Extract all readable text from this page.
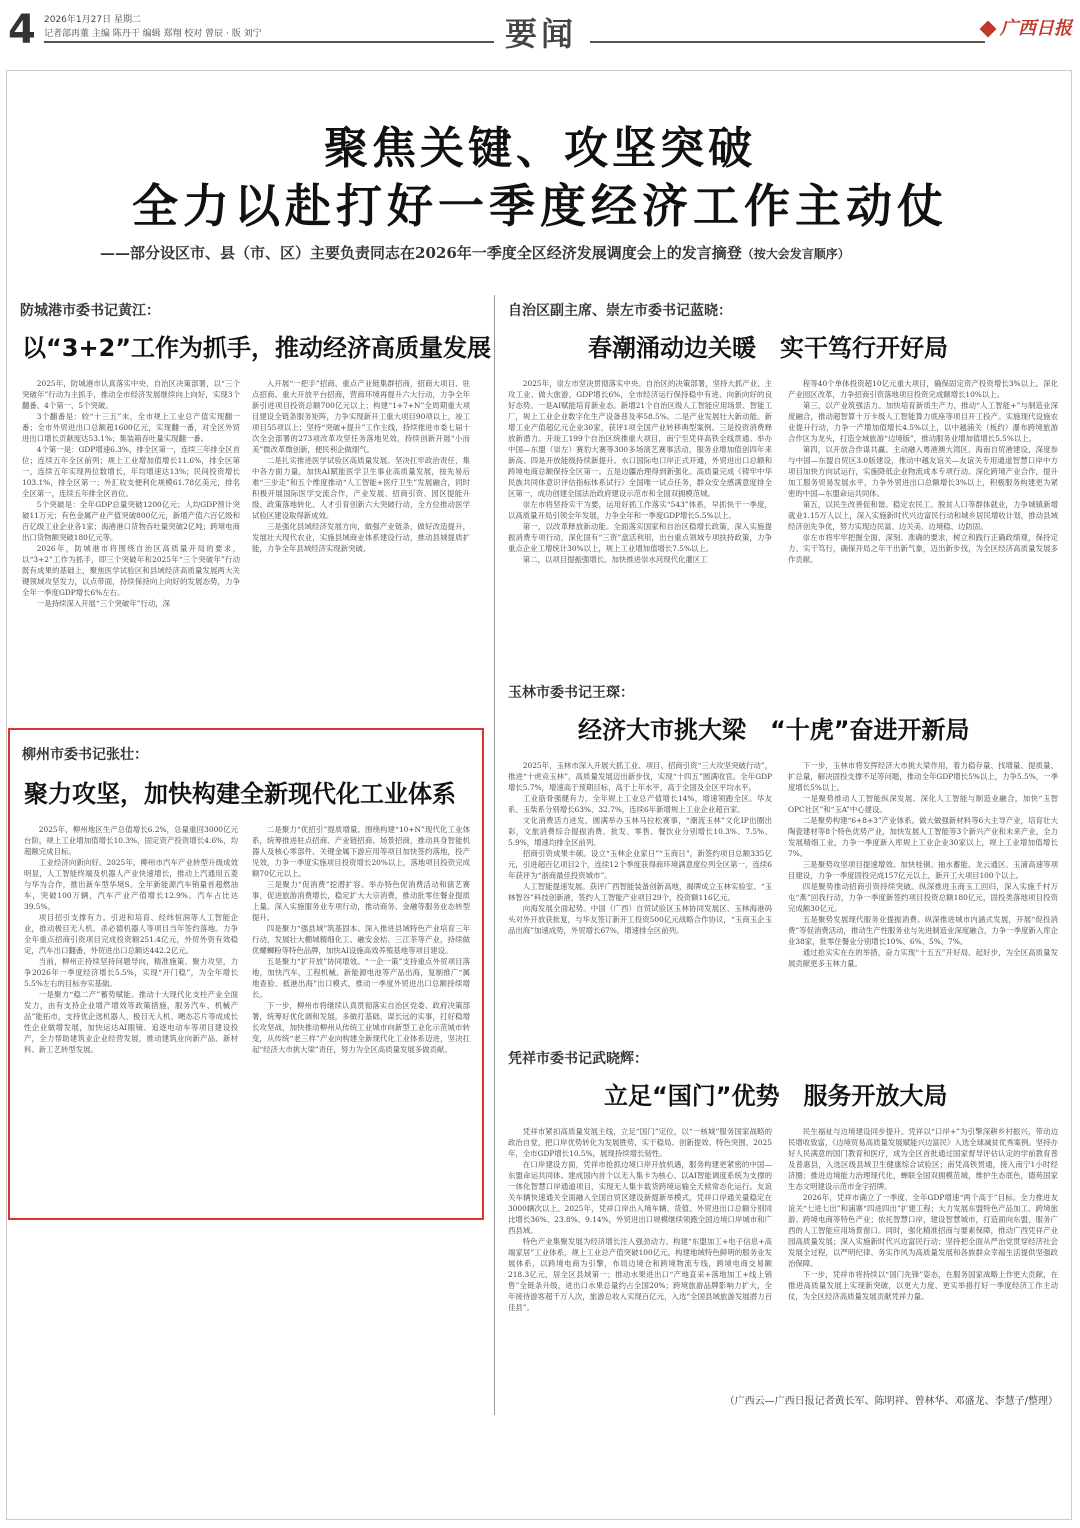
4 2026年1月27日 星期二
记者部再董 主编 陈丹干 编辑 郑翔 校对 曾辰 · 版 刘宁	要闻	广西日报
聚焦关键、攻坚突破
全力以赴打好一季度经济工作主动仗
——部分设区市、县（市、区）主要负责同志在2026年一季度全区经济发展调度会上的发言摘登（按大会发言顺序）
防城港市委书记黄江：
以“3+2”工作为抓手，推动经济高质量发展

2025年，防城港市认真落实中央、自治区决策部署，以“三个突破年”行动为主抓手，推动全市经济发展继续向上向好，实现3个翻番、4个第一、5个突破。

3个翻番是：较“十三五”末，全市规上工业总产值实现翻一番；全市外贸进出口总额超1600亿元，实现翻一番，对全区外贸进出口增长贡献度达53.1%；集装箱吞吐量实现翻一番。

4个第一是：GDP增速6.3%，排全区第一，连续三年排全区首位；连续五年全区前列；规上工业增加值增长11.6%，排全区第一，连续五年实现两位数增长，年均增速达13%；民间投资增长103.1%，排全区第一；外汇收支便利化规模61.78亿美元，排名全区第一，连续五年排全区首位。

5个突破是：全年GDP总量突破1200亿元；人均GDP预计突破11万元；有色金属产业产值突破800亿元，新增产值六百亿级和百亿级工业企业各1家；海港港口货物吞吐量突破2亿吨；跨境电商出口货物额突破180亿元等。

2026年，防城港市将围绕自治区高质量开局的要求，以“3+2”工作为抓手，即三个突破年和2025年“三个突破年”行动既有成果的基础上，聚焦医学试验区和县域经济高质量发展两大关键领域攻坚发力，以点带面，持续保持向上向好的发展态势，力争全年一季度GDP增长6%左右。

一是持续深入开展“三个突破年”行动，深

入开展“一把手”招商、重点产业链集群招商，招商大项目、驻点招商、重大开放平台招商，营商环境再提升六大行动，力争全年新引进项目投资总额700亿元以上；构建“1+7+N”全周期重大项目建设全链条服务矩阵，力争实现新开工重大项目90项以上，竣工项目55项以上；坚持“突破+提升”工作主线，持续推进市委七届十次全会部署的273项改革攻坚任务落地见效，持续创新开展“小而美”微改革微创新，便民利企做细气。

二是扎实推进医学试验区高质量发展。坚决扛牢政治责任，集中各方面力量，加快AI赋能医学卫生事业高质量发展，按先易后难“三步走”和五个维度推动“人工智能+医疗卫生”发展融合，同时积极开展国际医学交流合作，产业发展、招商引资、园区提能升级、政策落地转化、人才引育创新六大突破行动，全方位推动医学试验区建设取得新成效。

三是强化县域经济发展方向，做强产业链条，做好改造提升，发展壮大现代农业，实施县域商业体系建设行动，推动县城提质扩能，力争全年县域经济实现新突破。

柳州市委书记张壮：
聚力攻坚，加快构建全新现代化工业体系

2025年，柳州地区生产总值增长6.2%，总量重回3000亿元台阶，规上工业增加值增长10.3%，固定资产投资增长4.6%，均超额完成目标。

工业经济向新向好。2025年，柳州市汽车产业转型升级成效明显，人工智能终端及机器人产业快速增长，推动上汽通用五菱与华为合作，推出新车型华境S。全年新能源汽车销量首超燃油车，突破100万辆，汽车产业产值增长12.9%。汽车占比达39.5%。

项目招引支撑有力。引进和培育、经纬恒润等人工智能企业，推动极目无人机、杀必德机器人等项目当年签约落地。力争全年重点招商引资项目完成投资额251.4亿元，外贸外资有效稳定，汽车出口翻番，外贸进出口总额达442.2亿元。

当前，柳州正持续坚持问题导向，精准施策、聚力攻坚，力争2026年一季度经济增长5.5%，实现“开门稳”，为全年增长5.5%左右的目标夯实基础。

一是聚力“稳二产”蓄势赋能。推动十大现代化支柱产业全面发力，由有支持企业增产增效等政策措施，服务汽车、机械产品”能拓市，支持优企选机器人、极目无人机、飓态芯片等成成长性企业做增发展，加快运达AI眼镜、追逐电动车等项目建设投产，全力帮助建筑业企业经营发展，推动建筑业向新产品、新材料、新工艺转型发展。

二是聚力“优招引”提质增量。围绕构建“10+N”现代化工业体系，统筹推进驻点招商、产业链招商、场景招商，推动具身智能机器人及核心零部件、关键金属下游应用等项目加快签约落地，投产见效，力争一季度实施项目投资增长20%以上，落地项目投资完成额70亿元以上。

三是聚力“促消费”挖潜扩容。举办特色促消费活动和演艺赛事，促进旅游消费增长，稳定扩大大宗消费，推动批零住餐业提质上量。深入实施服务业专项行动，推动商务、金融等服务业态转型提升。

四是聚力“强县域”筑基固本。深入推进县域特色产业培育三年行动，发展壮大棚城精细化工、融安金桔、三江茶等产业，持续做优螺蛳粉等特色品牌，加快AI设施高效养殖基地等项目建设。

五是聚力“扩开放”协同增效。“一企一策”支持重点外贸项目落地，加快汽车、工程机械、新能源电池等产品出海，复制推广“属地查验、抵港出海”出口模式，推动一季度外贸进出口总额持续增长。

下一步，柳州市将继续认真贯彻落实自治区党委、政府决策部署，统筹好优化调和发展，多做打基础、谋长远的实事，打好稳增长攻坚战，加快推动柳州从传统工业城市向新型工业化示范城市转变，从传统“老三样”产业向构建全新现代化工业体系迈进，坚决扛起“经济大市挑大梁”责任，努力为全区高质量发展多做贡献。

自治区副主席、崇左市委书记蓝晓：
春潮涌动边关暖　实干笃行开好局

2025年，崇左市坚决贯彻落实中央、自治区的决策部署，坚持大抓产业、主攻工业、做大旅游，GDP增长6%，全市经济运行保持稳中有进、向新向好的良好态势。一是AI赋能培育新业态。新增21个自治区级人工智能应用场景、智能工厂，规上工业企业数字化生产设备普及率58.5%。二是产业发展壮大新动能。新增工业产值超亿元企业30家，获评1项全国产业转移典型案例。三是投资消费释放新潜力。开竣工199个自治区统推重大项目，南宁至凭祥高铁全线贯通。举办中国—东盟（崇左）赛豹大赛等300多场演艺赛事活动，服务业增加值创四年来新高。四是开放能级持续新提升。水口国际电口岸正式开通，外贸进出口总额和跨境电商总额保持全区第一。五是边疆治理得到新强化。高质量完成《铸牢中华民族共同体意识评估指标体系试行》全国唯一试点任务，群众安全感满意度排全区第一，成功创建全国法治政府建设示范市和全国双拥模范城。

崇左市将坚持实干为要，运用好抓工作落实“543”体系，早抓快干一季度，以高质量开局引领全年发展，力争全年和一季度GDP增长5.5%以上。

第一，以改革释放新动能。全面落实国家和自治区稳增长政策，深入实施提振消费专项行动，深化国有“三资”盘活利用，出台重点领域专项扶持政策，力争重点企业工增统计30%以上，规上工业增加值增长7.5%以上。

第二，以项目提振强增长。加快推进崇水河现代化灌区工

程等40个单体投资超10亿元重大项目，确保固定资产投资增长3%以上。深化产业园区改革，力争招商引资落地项目投资完成额增长10%以上。

第三，以产业筑强活力。加快培育新质生产力，推动“人工智能+”与制造业深度融合，推动超智算十万卡级人工智能算力底座等项目开工投产。实施现代设施农业提升行动，力争一产增加值增长4.5%以上，以中越浦关（板约）瀑布跨境旅游合作区为龙头，打造全域旅游“边境版”，推动服务业增加值增长5.5%以上。

第四，以开放合作谋共赢。主动融入粤港澳大湾区、海南自贸港建设，深度参与中国—东盟自贸区3.0版建设，推动中越友谊关—友谊关专用通道智慧口岸中方项目加快方向试运行，实施降低企业物流成本专项行动。深化跨境产业合作，提升加工服务贸易发展水平，力争外贸进出口总额增长3%以上，积极服务构建更为紧密的中国—东盟命运共同体。

第五，以民生改善促和谐。稳定农民工、脱贫人口等群体就业，力争城镇新增就业1.15万人以上，深入实施新时代兴边富民行动和城乡居民增收计划，推动县域经济创先争优，努力实现边民富、边关美、边境稳、边防固。

崇左市将牢牢把握全面、深刻、准确的要求，树立和践行正确政绩观，保持定力、实干笃行，确保开局之年干出新气象，迈出新步伐，为全区经济高质量发展多作贡献。

玉林市委书记王琛：
经济大市挑大梁　“十虎”奋进开新局

2025年，玉林市深入开展大抓工业、项目、招商引资“三大攻坚突破行动”，推进“十虎竞玉林”，高质量发展迈出新步伐，实现“十四五”圆满收官。全年GDP增长5.7%，增速高于预期目标，高于上年水平，高于全国及全区平均水平。

工业筋骨强健有力。全年规上工业总产值增长14%，增速领跑全区。华友系、玉柴系分别增长63%、32.7%，连续6年新增规上工业企业超百家。

文化消费活力迸发。圆满举办玉林马拉松赛事，“潮流玉林”文化IP出圈出彩，文旅消费综合提振消费、批发、零售、餐饮业分别增长10.3%、7.5%、5.9%，增速均排全区前列。

招商引资成果丰硕。设立“玉林企业家日”“玉商日”，新签约项目总额335亿元，引进超百亿项目2个，连续12个季度获得商环境满意度位列全区第一，连续6年获评为“浙商最佳投资城市”。

人工智能提速发展。获评广西智能装备创新高地，揭牌成立玉林实验室、“玉林智谷”科技创新港，签约人工智能产业项目29个，投资额116亿元。

向海发展全面起势。中国（广西）自贸试验区玉林协同发展区、玉林海港码头对外开放获批复，与华友签订新开工投资500亿元战略合作协议，“玉商玉企玉品出海”加速成势，外贸增长67%，增速排全区前列。

下一步，玉林市将发挥经济大市挑大梁作用，着力稳存量、找增量、提质量、扩总量，解决固投支撑不足等问题，推动全年GDP增长5%以上，力争5.5%，一季度增长5%以上。

一是聚势推动人工智能纵深发展。深化人工智能与制造业融合，加快“玉智OPC社区”和“玉A”中心建设。

二是聚势构建“6+8+3”产业体系。做大做强新材料等6大主导产业，培育壮大陶瓷建材等8个特色优势产业，加快发展人工智能等3个新兴产业和未来产业，全力发展精细工业，力争一季度新入库规上工业企业30家以上，规上工业增加值增长7%。

三是聚势攻坚项目提速增效。加快桂铜、抽水蓄能、龙云通区、玉浦高速等项目建设，力争一季度固投完成157亿元以上，新开工大项目100个以上。

四是聚势推动招商引资持续突破。纵深推进玉商玉工回归，深入实施千村万屯“燕”回我行动，力争一季度新签约项目投资总额180亿元，固投类落地项目投资完成额30亿元。

五是聚势发展现代服务业提振消费。纵深推进城市内涵式发展，开展“促投消费”等促消费活动，推动生产性服务业与先进制造业深度融合，力争一季度新入库企业38家，批零住餐业分别增长10%、6%、5%、7%。

通过抢实实在在的举措，奋力实现“十五五”开好局、起好步，为全区高质量发展贡献更多玉林力量。

凭祥市委书记武晓辉：
立足“国门”优势　服务开放大局

凭祥市紧扣高质量发展主线，立足“国门”定位，以“一核城”服务国家战略的政治自觉，把口岸优势转化为发展胜势，实干稳局、创新提效、特色突围，2025年，全市GDP增长10.5%，展现持续增长韧性。

在口岸建设方面，凭祥市抢抓边境口岸开放机遇，服务构建更紧密的中国—东盟命运共同体。建成国内首个以无人集卡为核心、以AI智能调度系统为支撑的一体化智慧口岸通道项目，实现无人集卡载货跨境运输全天候常态化运行。友谊关车辆快速通关全面融入全国自贸区建设新提新举模式，凭祥口岸通关量稳定在3000辆次以上。2025年，凭祥口岸出入境车辆、货值、外贸进出口总额分别同比增长36%、23.8%、9.14%，外贸进出口规模继续领跑全国边境口岸城市和广西县域。

特色产业集聚发展为经济增长注入强劲动力。构建“东盟加工+电子信息+高端家居”工业体系，规上工业总产值突破100亿元。构建地域特色鲜明的服务业发展体系，以跨境电商为引擎，布局边境仓和跨境物流专线，跨境电商交易额218.3亿元，居全区县域第一；推动水果进出口“产地直采+落地加工+线上销售”全链条升级，进出口水果总量约占全国20%；跨境旅游品牌影响力扩大，全年接待游客超千万人次，旅游总收入实现百亿元，入选“全国县域旅游发展潜力百佳县”。

民生福祉与边境建设同步提升。凭祥以“口岸+”为引擎深耕乡村振兴，带动边民增收致富，《边境贸易高质量发展赋能兴边富民》入选全球减贫优秀案例。坚持办好人民满意的国门教育和医疗，成为全区首批通过国家督导评估认定的学前教育普及普惠县，入选区级县域卫生健康综合试验区；南凭高铁贯通，接入南宁1小时经济圈；推进边境能力治理现代化，蝉联全国双拥模范城，维护生态底色，德苑国家生态文明建设示范市金字招牌。

2026年，凭祥市确立了一季度、全年GDP增速“两个高于”目标。全力推进友谊关“七进七出”和浦寨“四进四出”扩建工程；大力发展东盟特色产品加工、跨境旅游、跨境电商等特色产业；依托智慧口岸，建设智慧城市，打造面向东盟、服务广西的人工智能应用场景窗口。同时，强化精准招商与要素保障，推动广西凭祥产业园高质量发展；深入实施新时代兴边富民行动；坚持把全面从严治党贯穿经济社会发展全过程，以严明纪律、务实作风为高质量发展和各族群众幸福生活提供坚强政治保障。

下一步，凭祥市将持续以“国门先锋”姿态，在服务国家战略上作更大贡献，在推进高质量发展上实现新突破，以更大力度、更实举措打好一季度经济工作主动仗，为全区经济高质量发展贡献凭祥力量。

（广西云—广西日报记者黄长军、陈明祥、曾林华、邓盛龙、李慧子/整理）
